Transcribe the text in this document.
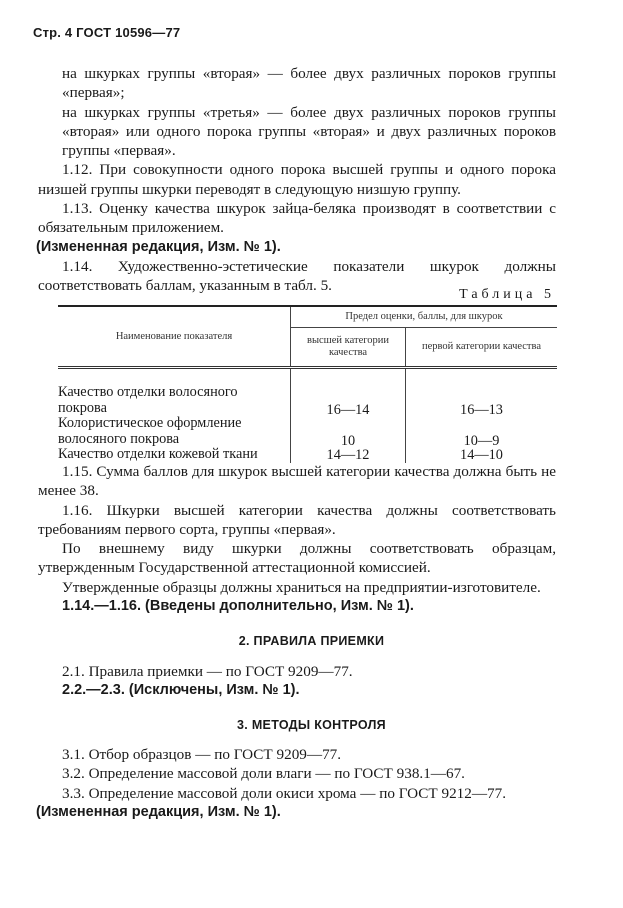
Стр. 4 ГОСТ 10596—77

на шкурках группы «вторая» — более двух различных пороков группы «первая»;

на шкурках группы «третья» — более двух различных пороков группы «вторая» или одного порока группы «вторая» и двух различных пороков группы «первая».

1.12. При совокупности одного порока высшей группы и одного порока низшей группы шкурки переводят в следующую низшую группу.

1.13. Оценку качества шкурок зайца-беляка производят в соответствии с обязательным приложением.

(Измененная редакция, Изм. № 1).

1.14. Художественно-эстетические показатели шкурок должны соответствовать баллам, указанным в табл. 5.

Таблица 5
Наименование показателя	Предел оценки, баллы, для шкурок	
	высшей категории качества	первой категории качества
Качество отделки волосяного покрова	16—14	16—13
Колористическое оформление волосяного покрова	10	10—9
Качество отделки кожевой ткани	14—12	14—10

1.15. Сумма баллов для шкурок высшей категории качества должна быть не менее 38.

1.16. Шкурки высшей категории качества должны соответствовать требованиям первого сорта, группы «первая».

По внешнему виду шкурки должны соответствовать образцам, утвержденным Государственной аттестационной комиссией.

Утвержденные образцы должны храниться на предприятии-изготовителе.

1.14.—1.16. (Введены дополнительно, Изм. № 1).

2. ПРАВИЛА ПРИЕМКИ

2.1. Правила приемки — по ГОСТ 9209—77.

2.2.—2.3. (Исключены, Изм. № 1).

3. МЕТОДЫ КОНТРОЛЯ

3.1. Отбор образцов — по ГОСТ 9209—77.

3.2. Определение массовой доли влаги — по ГОСТ 938.1—67.

3.3. Определение массовой доли окиси хрома — по ГОСТ 9212—77.

(Измененная редакция, Изм. № 1).
